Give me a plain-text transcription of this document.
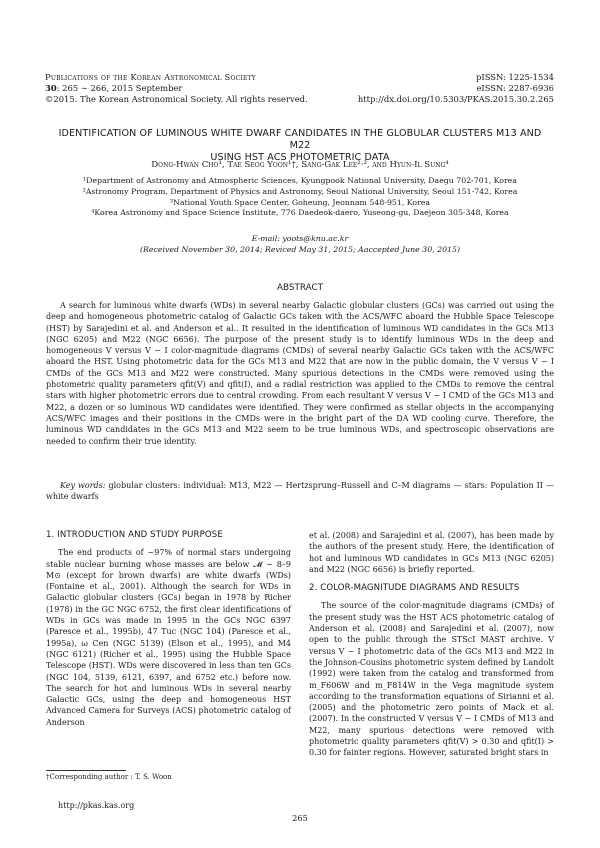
Publications of the Korean Astronomical Society
30: 265 ∼ 266, 2015 September
©2015. The Korean Astronomical Society. All rights reserved.
pISSN: 1225-1534
eISSN: 2287-6936
http://dx.doi.org/10.5303/PKAS.2015.30.2.265
IDENTIFICATION OF LUMINOUS WHITE DWARF CANDIDATES IN THE GLOBULAR CLUSTERS M13 AND M22
USING HST ACS PHOTOMETRIC DATA
Dong-Hwan Cho¹, Tae Seog Yoon¹†, Sang-Gak Lee²·³, and Hyun-Il Sung⁴
¹Department of Astronomy and Atmospheric Sciences, Kyungpook National University, Daegu 702-701, Korea
²Astronomy Program, Department of Physics and Astronomy, Seoul National University, Seoul 151-742, Korea
³National Youth Space Center, Goheung, Jeonnam 548-951, Korea
⁴Korea Astronomy and Space Science Institute, 776 Daedeok-daero, Yuseong-gu, Daejeon 305-348, Korea
E-mail: yoots@knu.ac.kr
(Received November 30, 2014; Reviced May 31, 2015; Aaccepted June 30, 2015)
ABSTRACT

A search for luminous white dwarfs (WDs) in several nearby Galactic globular clusters (GCs) was carried out using the deep and homogeneous photometric catalog of Galactic GCs taken with the ACS/WFC aboard the Hubble Space Telescope (HST) by Sarajedini et al. and Anderson et al.. It resulted in the identification of luminous WD candidates in the GCs M13 (NGC 6205) and M22 (NGC 6656). The purpose of the present study is to identify luminous WDs in the deep and homogeneous V versus V − I color-magnitude diagrams (CMDs) of several nearby Galactic GCs taken with the ACS/WFC aboard the HST. Using photometric data for the GCs M13 and M22 that are now in the public domain, the V versus V − I CMDs of the GCs M13 and M22 were constructed. Many spurious detections in the CMDs were removed using the photometric quality parameters qfit(V) and qfit(I), and a radial restriction was applied to the CMDs to remove the central stars with higher photometric errors due to central crowding. From each resultant V versus V − I CMD of the GCs M13 and M22, a dozen or so luminous WD candidates were identified. They were confirmed as stellar objects in the accompanying ACS/WFC images and their positions in the CMDs were in the bright part of the DA WD cooling curve. Therefore, the luminous WD candidates in the GCs M13 and M22 seem to be true luminous WDs, and spectroscopic observations are needed to confirm their true identity.

Key words: globular clusters: individual: M13, M22 — Hertzsprung–Russell and C–M diagrams — stars: Population II — white dwarfs

1. INTRODUCTION AND STUDY PURPOSE

The end products of ∼97% of normal stars undergoing stable nuclear burning whose masses are below 𝓜 ∼ 8–9 M⊙ (except for brown dwarfs) are white dwarfs (WDs) (Fontaine et al., 2001). Although the search for WDs in Galactic globular clusters (GCs) began in 1978 by Richer (1978) in the GC NGC 6752, the first clear identifications of WDs in GCs was made in 1995 in the GCs NGC 6397 (Paresce et al., 1995b), 47 Tuc (NGC 104) (Paresce et al., 1995a), ω Cen (NGC 5139) (Elson et al., 1995), and M4 (NGC 6121) (Richer et al., 1995) using the Hubble Space Telescope (HST). WDs were discovered in less than ten GCs (NGC 104, 5139, 6121, 6397, and 6752 etc.) before now. The search for hot and luminous WDs in several nearby Galactic GCs, using the deep and homogeneous HST Advanced Camera for Surveys (ACS) photometric catalog of Anderson

et al. (2008) and Sarajedini et al. (2007), has been made by the authors of the present study. Here, the identification of hot and luminous WD candidates in GCs M13 (NGC 6205) and M22 (NGC 6656) is briefly reported.

2. COLOR-MAGNITUDE DIAGRAMS AND RESULTS

The source of the color-magnitude diagrams (CMDs) of the present study was the HST ACS photometric catalog of Anderson et al. (2008) and Sarajedini et al. (2007), now open to the public through the STScI MAST archive. V versus V − I photometric data of the GCs M13 and M22 in the Johnson-Cousins photometric system defined by Landolt (1992) were taken from the catalog and transformed from m_F606W and m_F814W in the Vega magnitude system according to the transformation equations of Sirianni et al. (2005) and the photometric zero points of Mack et al. (2007). In the constructed V versus V − I CMDs of M13 and M22, many spurious detections were removed with photometric quality parameters qfit(V) > 0.30 and qfit(I) > 0.30 for fainter regions. However, saturated bright stars in

†Corresponding author : T. S. Woon
http://pkas.kas.org
265
